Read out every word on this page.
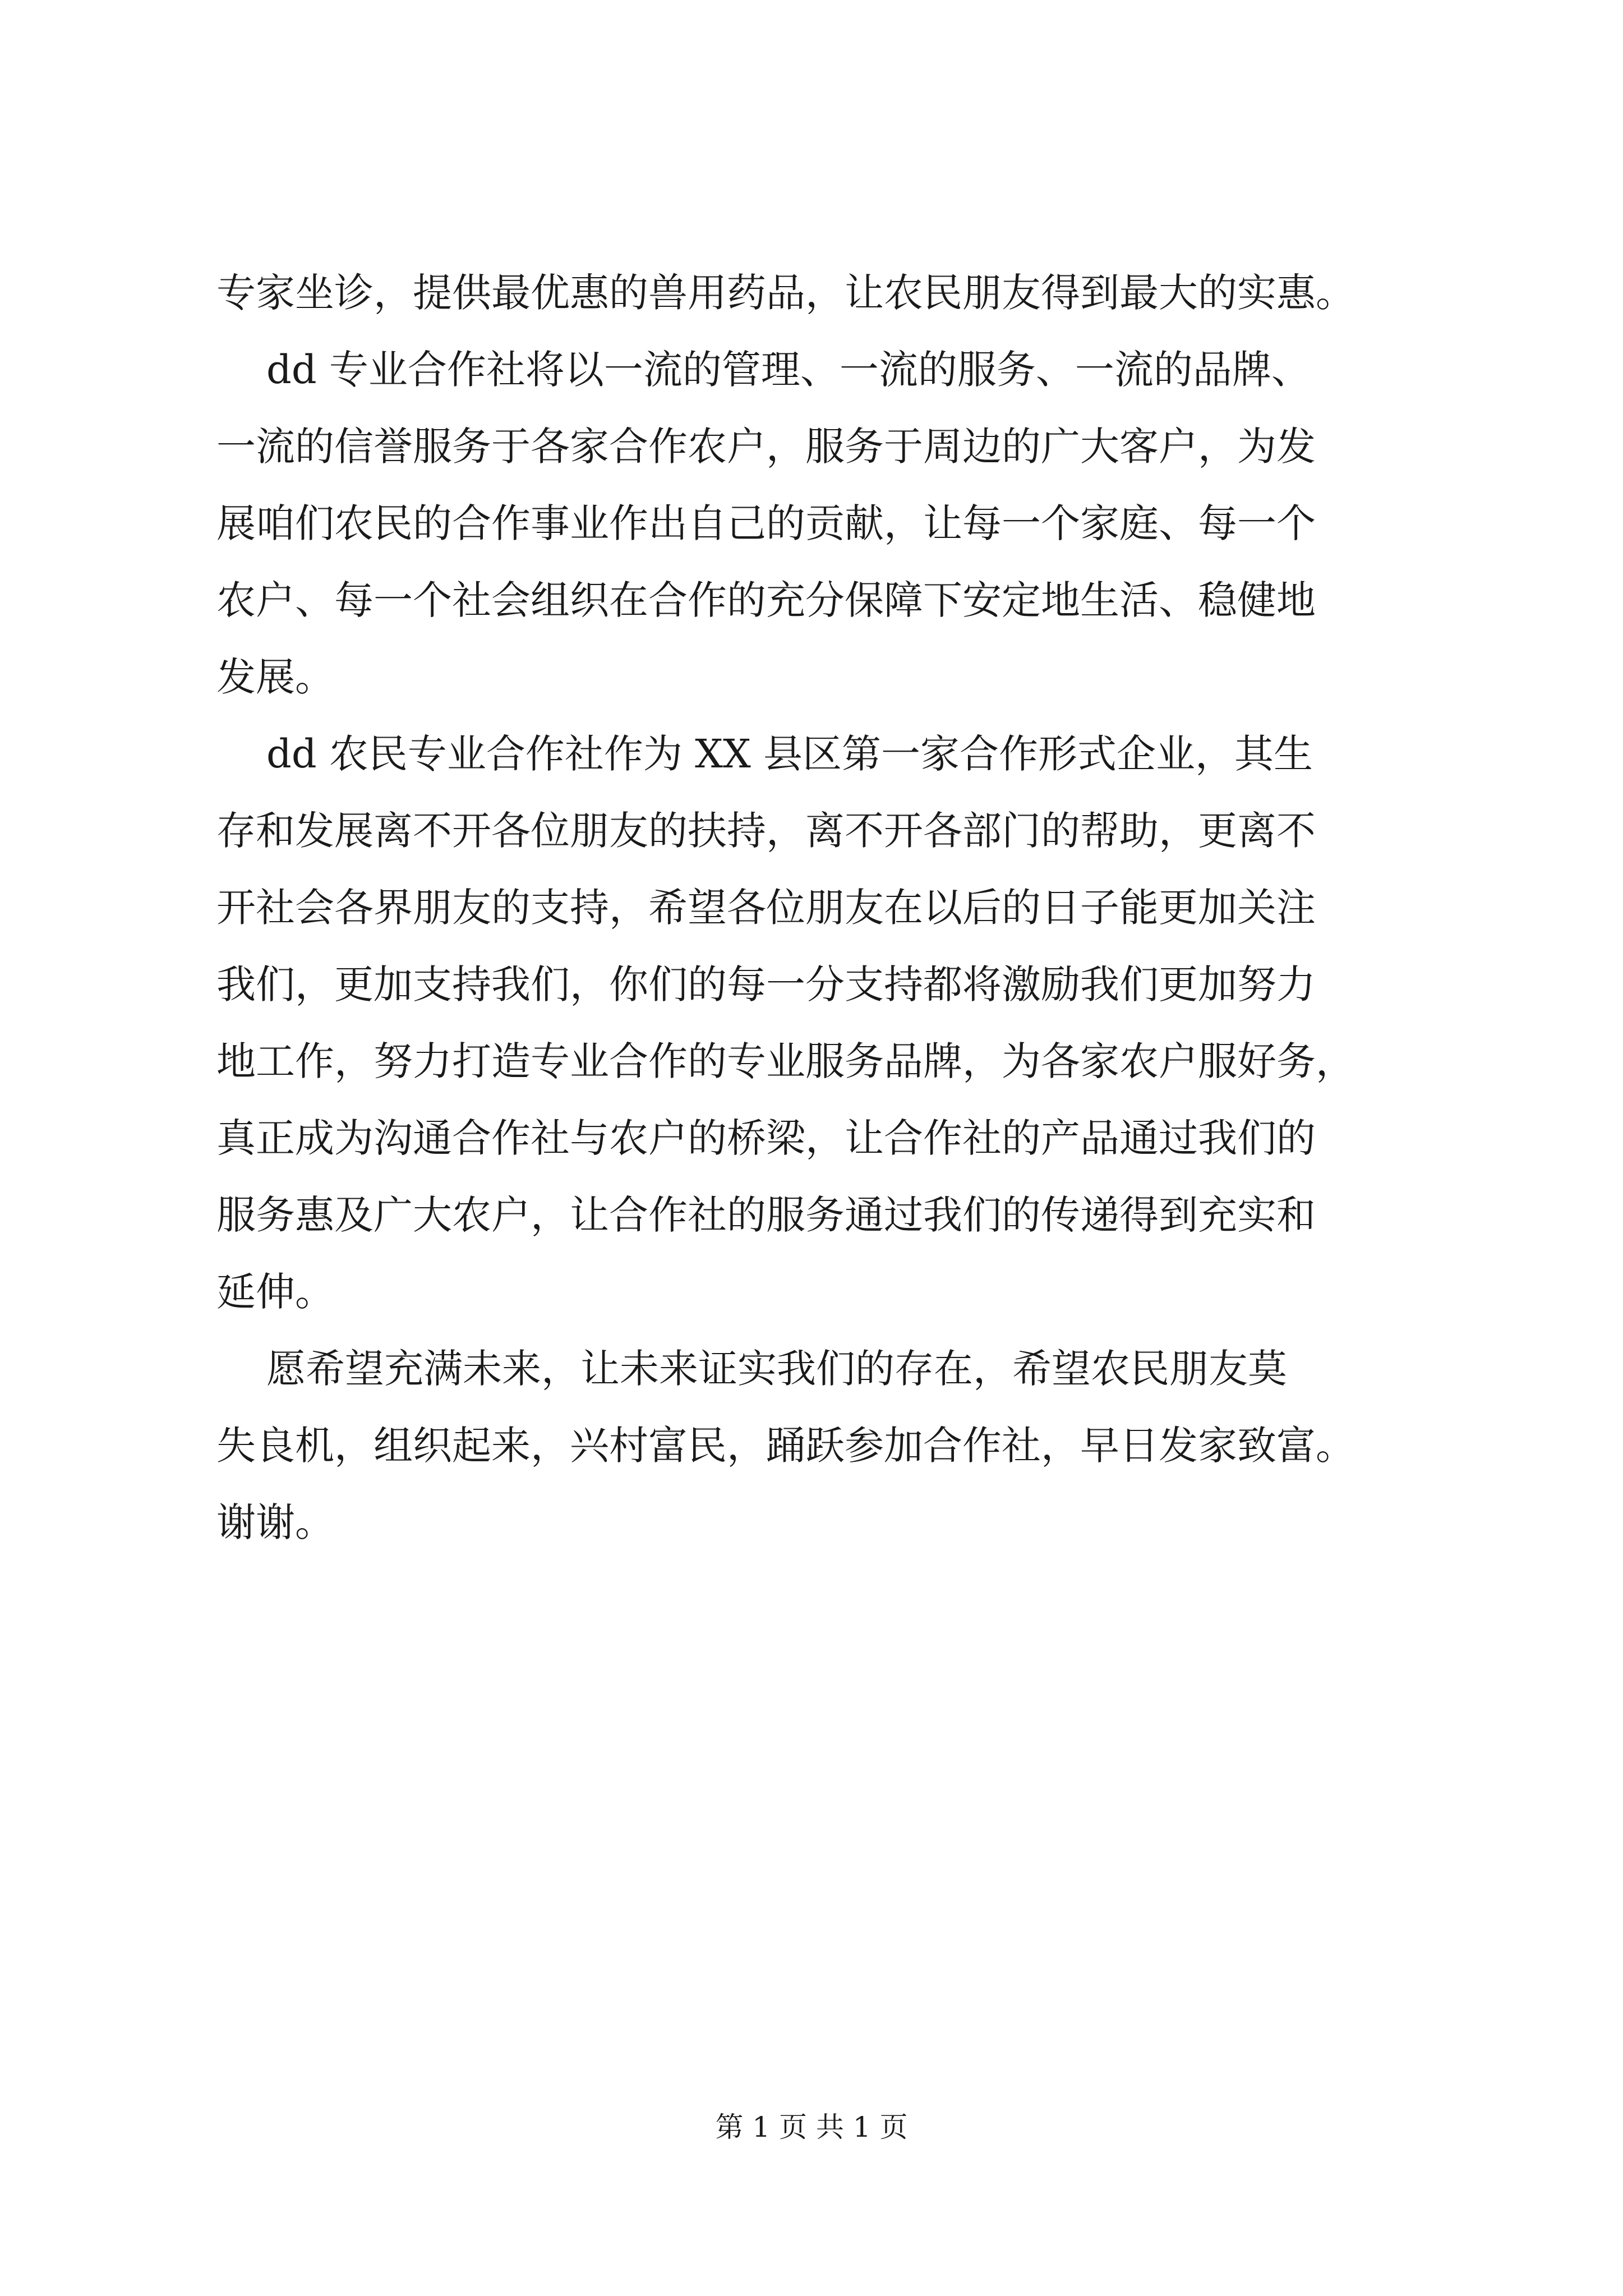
专家坐诊，提供最优惠的兽用药品，让农民朋友得到最大的实惠。
dd 专业合作社将以一流的管理、一流的服务、一流的品牌、
一流的信誉服务于各家合作农户，服务于周边的广大客户，为发
展咱们农民的合作事业作出自己的贡献，让每一个家庭、每一个
农户、每一个社会组织在合作的充分保障下安定地生活、稳健地
发展。
dd 农民专业合作社作为 XX 县区第一家合作形式企业，其生
存和发展离不开各位朋友的扶持，离不开各部门的帮助，更离不
开社会各界朋友的支持，希望各位朋友在以后的日子能更加关注
我们，更加支持我们，你们的每一分支持都将激励我们更加努力
地工作，努力打造专业合作的专业服务品牌，为各家农户服好务，
真正成为沟通合作社与农户的桥梁，让合作社的产品通过我们的
服务惠及广大农户，让合作社的服务通过我们的传递得到充实和
延伸。
愿希望充满未来，让未来证实我们的存在，希望农民朋友莫
失良机，组织起来，兴村富民，踊跃参加合作社，早日发家致富。
谢谢。
第 1 页 共 1 页
